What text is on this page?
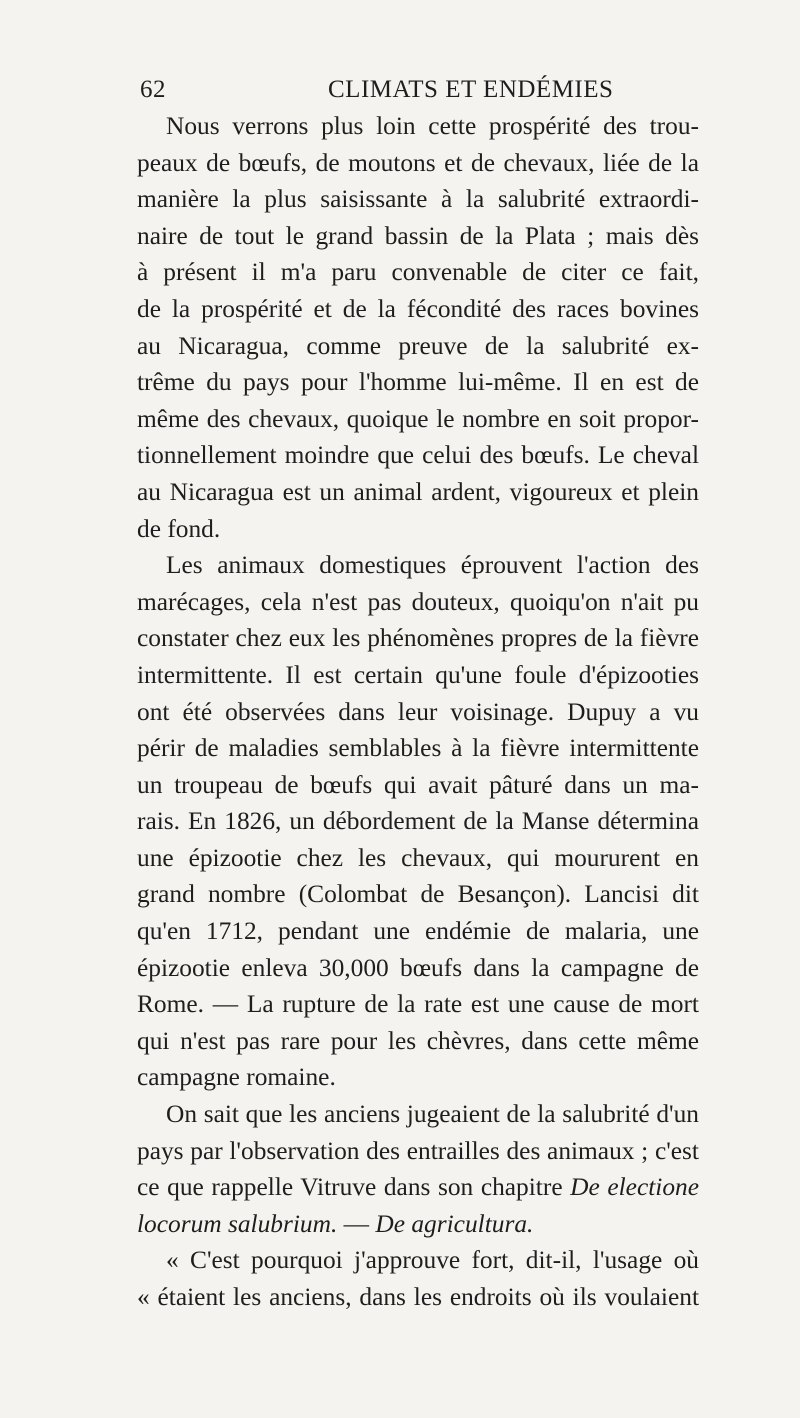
62	CLIMATS ET ENDÉMIES
Nous verrons plus loin cette prospérité des trou-
peaux de bœufs, de moutons et de chevaux, liée de la
manière la plus saisissante à la salubrité extraordi-
naire de tout le grand bassin de la Plata ; mais dès
à présent il m'a paru convenable de citer ce fait,
de la prospérité et de la fécondité des races bovines
au Nicaragua, comme preuve de la salubrité ex-
trême du pays pour l'homme lui-même. Il en est de
même des chevaux, quoique le nombre en soit propor-
tionnellement moindre que celui des bœufs. Le cheval
au Nicaragua est un animal ardent, vigoureux et plein
de fond.
Les animaux domestiques éprouvent l'action des
marécages, cela n'est pas douteux, quoiqu'on n'ait pu
constater chez eux les phénomènes propres de la fièvre
intermittente. Il est certain qu'une foule d'épizooties
ont été observées dans leur voisinage. Dupuy a vu
périr de maladies semblables à la fièvre intermittente
un troupeau de bœufs qui avait pâturé dans un ma-
rais. En 1826, un débordement de la Manse détermina
une épizootie chez les chevaux, qui moururent en
grand nombre (Colombat de Besançon). Lancisi dit
qu'en 1712, pendant une endémie de malaria, une
épizootie enleva 30,000 bœufs dans la campagne de
Rome. — La rupture de la rate est une cause de mort
qui n'est pas rare pour les chèvres, dans cette même
campagne romaine.
On sait que les anciens jugeaient de la salubrité d'un
pays par l'observation des entrailles des animaux ; c'est
ce que rappelle Vitruve dans son chapitre De electione
locorum salubrium. — De agricultura.
« C'est pourquoi j'approuve fort, dit-il, l'usage où
« étaient les anciens, dans les endroits où ils voulaient
